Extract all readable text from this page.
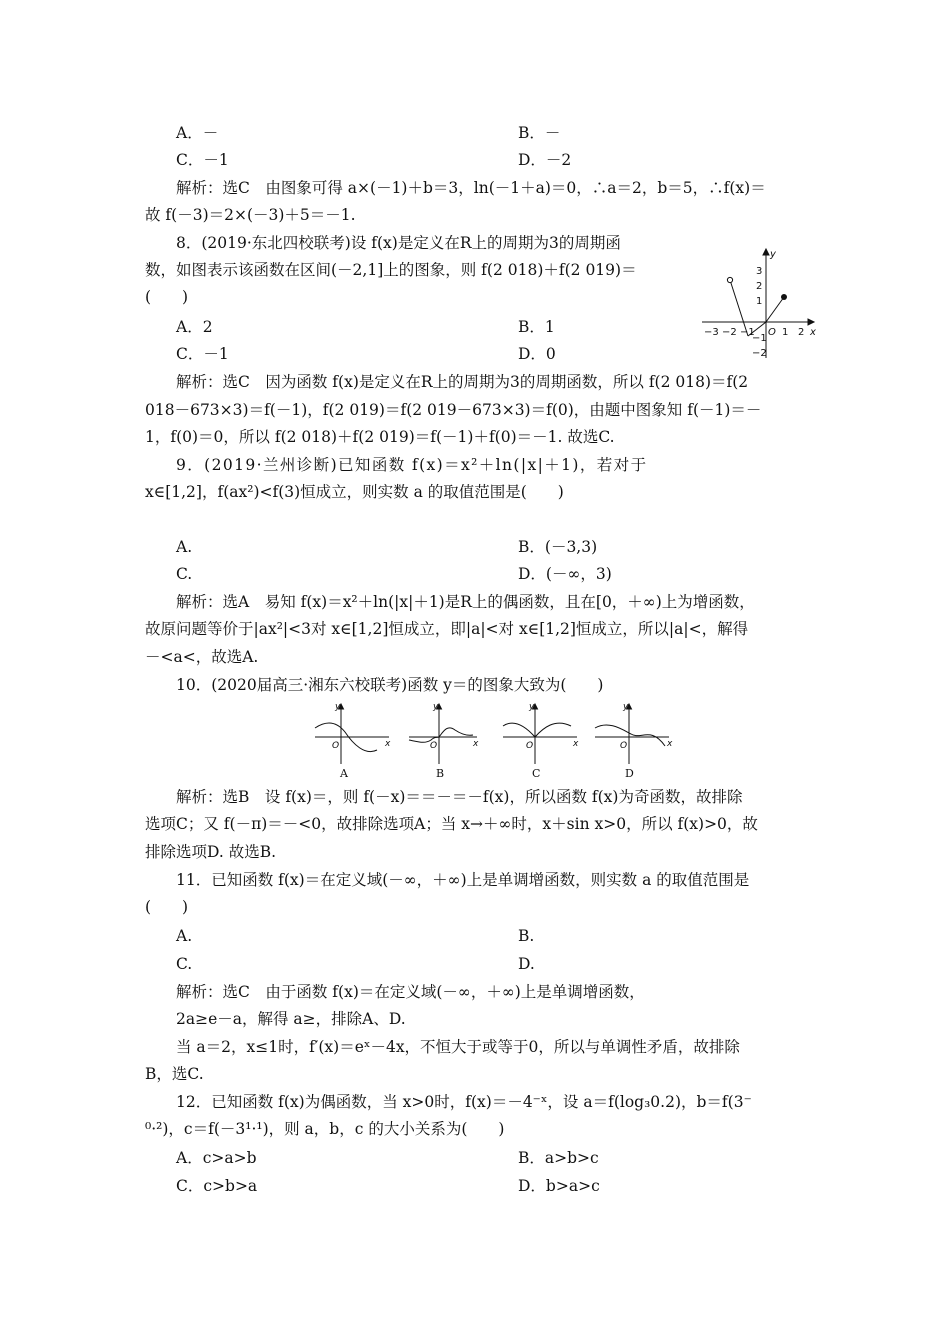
A．－	B．－
C．－1	D．－2
解析：选C　由图象可得 a×(－1)＋b＝3，ln(－1＋a)＝0，∴a＝2，b＝5，∴f(x)＝
故 f(－3)＝2×(－3)＋5＝－1.
8．(2019·东北四校联考)设 f(x)是定义在R上的周期为3的周期函
数，如图表示该函数在区间(－2,1]上的图象，则 f(2 018)＋f(2 019)＝
(　　)
A．2	B．1
C．－1	D．0
y
x
O
−3 −2 −1	1 2
3
2
1
−1
−2
解析：选C　因为函数 f(x)是定义在R上的周期为3的周期函数，所以 f(2 018)＝f(2
018－673×3)＝f(－1)，f(2 019)＝f(2 019－673×3)＝f(0)，由题中图象知 f(－1)＝－
1，f(0)＝0，所以 f(2 018)＋f(2 019)＝f(－1)＋f(0)＝－1. 故选C.
9．(2019·兰州诊断)已知函数 f(x)＝x²＋ln(|x|＋1)，若对于
x∈[1,2]，f(ax²)<f(3)恒成立，则实数 a 的取值范围是(　　)
A.	B．(－3,3)
C.	D．(－∞，3)
解析：选A　易知 f(x)＝x²＋ln(|x|＋1)是R上的偶函数，且在[0，＋∞)上为增函数，
故原问题等价于|ax²|<3对 x∈[1,2]恒成立，即|a|<对 x∈[1,2]恒成立，所以|a|<，解得
－<a<，故选A.
10．(2020届高三·湘东六校联考)函数 y＝的图象大致为(　　)
y
x
O
y
x
O
y
x
O
y
x
O
A	B	C	D
解析：选B　设 f(x)＝，则 f(－x)＝＝－＝－f(x)，所以函数 f(x)为奇函数，故排除
选项C；又 f(－π)＝－<0，故排除选项A；当 x→＋∞时，x＋sin x>0，所以 f(x)>0，故
排除选项D. 故选B.
11．已知函数 f(x)＝在定义域(－∞，＋∞)上是单调增函数，则实数 a 的取值范围是
(　　)
A.	B.
C.	D.
解析：选C　由于函数 f(x)＝在定义域(－∞，＋∞)上是单调增函数，
2a≥e－a，解得 a≥，排除A、D.
当 a＝2，x≤1时，f′(x)＝eˣ－4x，不恒大于或等于0，所以与单调性矛盾，故排除
B，选C.
12．已知函数 f(x)为偶函数，当 x>0时，f(x)＝－4⁻ˣ，设 a＝f(log₃0.2)，b＝f(3⁻
⁰·²)，c＝f(－3¹·¹)，则 a，b，c 的大小关系为(　　)
A．c>a>b	B．a>b>c
C．c>b>a	D．b>a>c
